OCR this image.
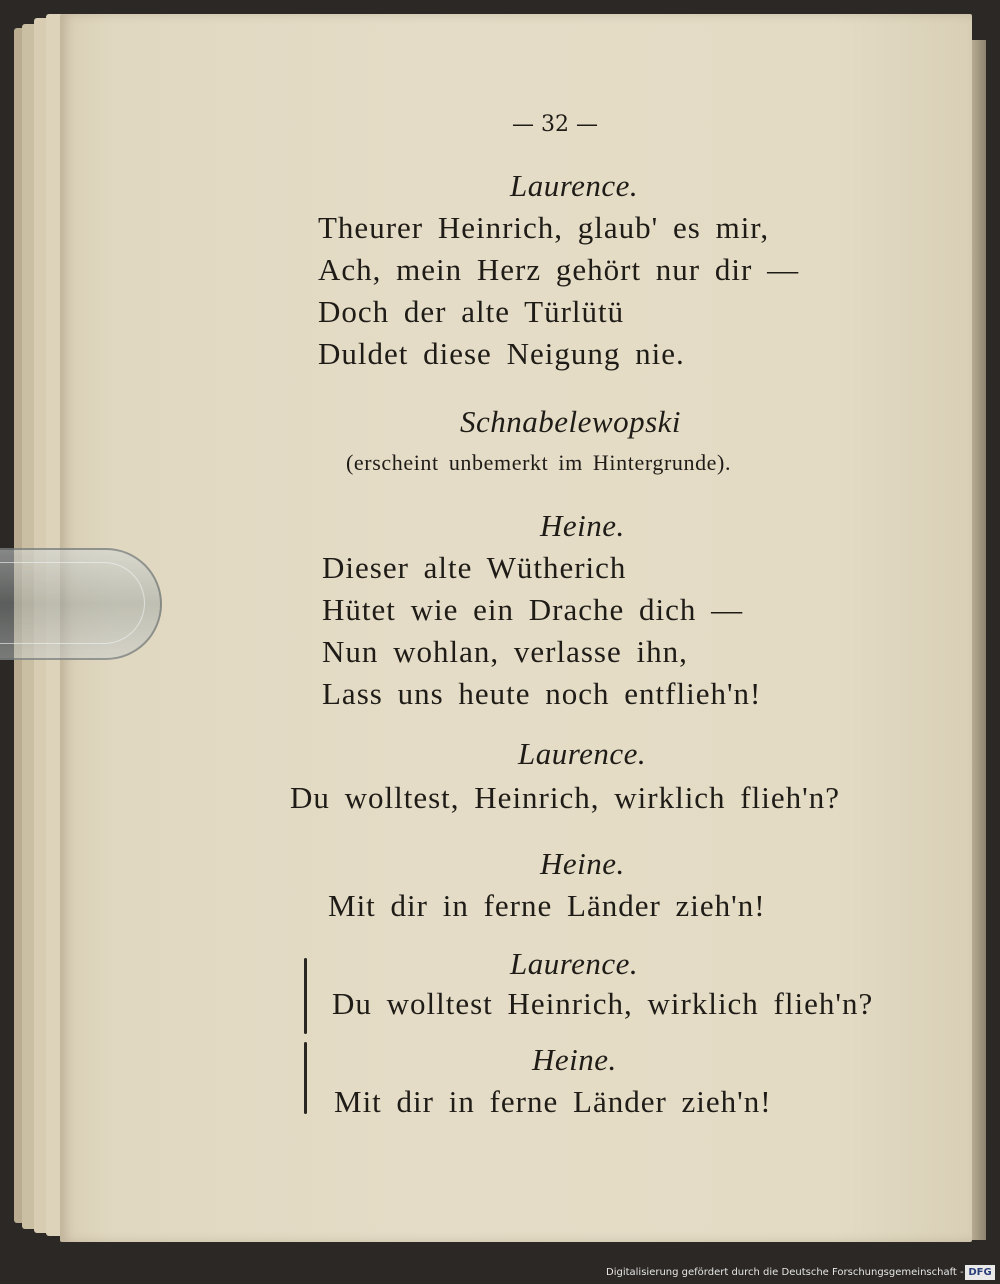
— 32 —
Laurence.
Theurer Heinrich, glaub' es mir,
Ach, mein Herz gehört nur dir —
Doch der alte Türlütü
Duldet diese Neigung nie.
Schnabelewopski
(erscheint unbemerkt im Hintergrunde).
Heine.
Dieser alte Wütherich
Hütet wie ein Drache dich —
Nun wohlan, verlasse ihn,
Lass uns heute noch entflieh'n!
Laurence.
Du wolltest, Heinrich, wirklich flieh'n?
Heine.
Mit dir in ferne Länder zieh'n!
Laurence.
Du wolltest Heinrich, wirklich flieh'n?
Heine.
Mit dir in ferne Länder zieh'n!
Digitalisierung gefördert durch die Deutsche Forschungsgemeinschaft - DFG
